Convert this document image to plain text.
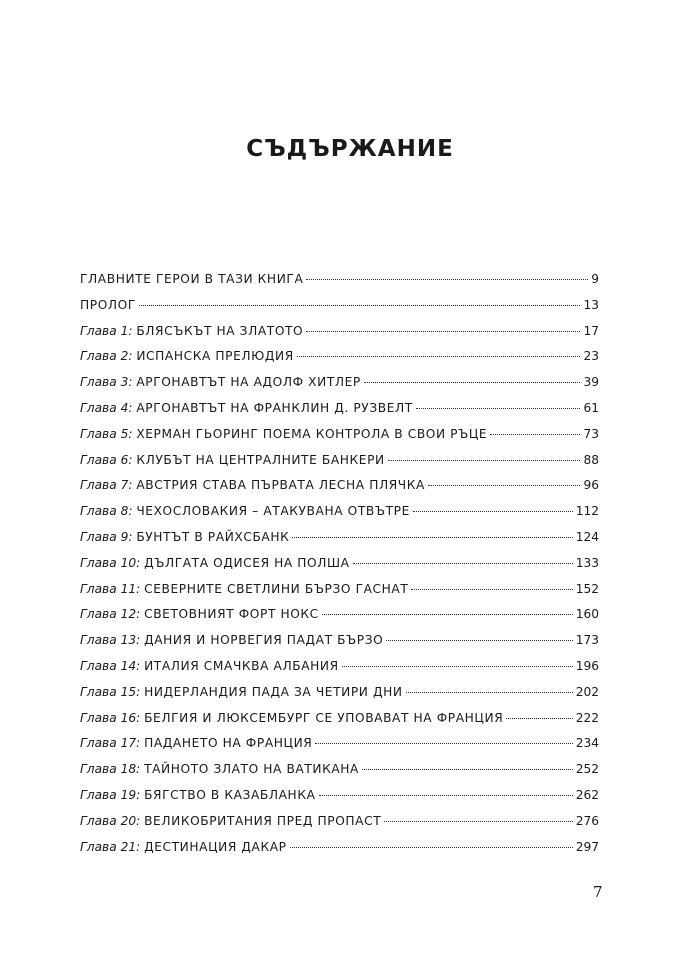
СЪДЪРЖАНИЕ
ГЛАВНИТЕ ГЕРОИ В ТАЗИ КНИГА	9
ПРОЛОГ	13
Глава 1: БЛЯСЪКЪТ НА ЗЛАТОТО	17
Глава 2: ИСПАНСКА ПРЕЛЮДИЯ	23
Глава 3: АРГОНАВТЪТ НА АДОЛФ ХИТЛЕР	39
Глава 4: АРГОНАВТЪТ НА ФРАНКЛИН Д. РУЗВЕЛТ	61
Глава 5: ХЕРМАН ГЬОРИНГ ПОЕМА КОНТРОЛА В СВОИ РЪЦЕ	73
Глава 6: КЛУБЪТ НА ЦЕНТРАЛНИТЕ БАНКЕРИ	88
Глава 7: АВСТРИЯ СТАВА ПЪРВАТА ЛЕСНА ПЛЯЧКА	96
Глава 8: ЧЕХОСЛОВАКИЯ – АТАКУВАНА ОТВЪТРЕ	112
Глава 9: БУНТЪТ В РАЙХСБАНК	124
Глава 10: ДЪЛГАТА ОДИСЕЯ НА ПОЛША	133
Глава 11: СЕВЕРНИТЕ СВЕТЛИНИ БЪРЗО ГАСНАТ	152
Глава 12: СВЕТОВНИЯТ ФОРТ НОКС	160
Глава 13: ДАНИЯ И НОРВЕГИЯ ПАДАТ БЪРЗО	173
Глава 14: ИТАЛИЯ СМАЧКВА АЛБАНИЯ	196
Глава 15: НИДЕРЛАНДИЯ ПАДА ЗА ЧЕТИРИ ДНИ	202
Глава 16: БЕЛГИЯ И ЛЮКСЕМБУРГ СЕ УПОВАВАТ НА ФРАНЦИЯ	222
Глава 17: ПАДАНЕТО НА ФРАНЦИЯ	234
Глава 18: ТАЙНОТО ЗЛАТО НА ВАТИКАНА	252
Глава 19: БЯГСТВО В КАЗАБЛАНКА	262
Глава 20: ВЕЛИКОБРИТАНИЯ ПРЕД ПРОПАСТ	276
Глава 21: ДЕСТИНАЦИЯ ДАКАР	297

7
